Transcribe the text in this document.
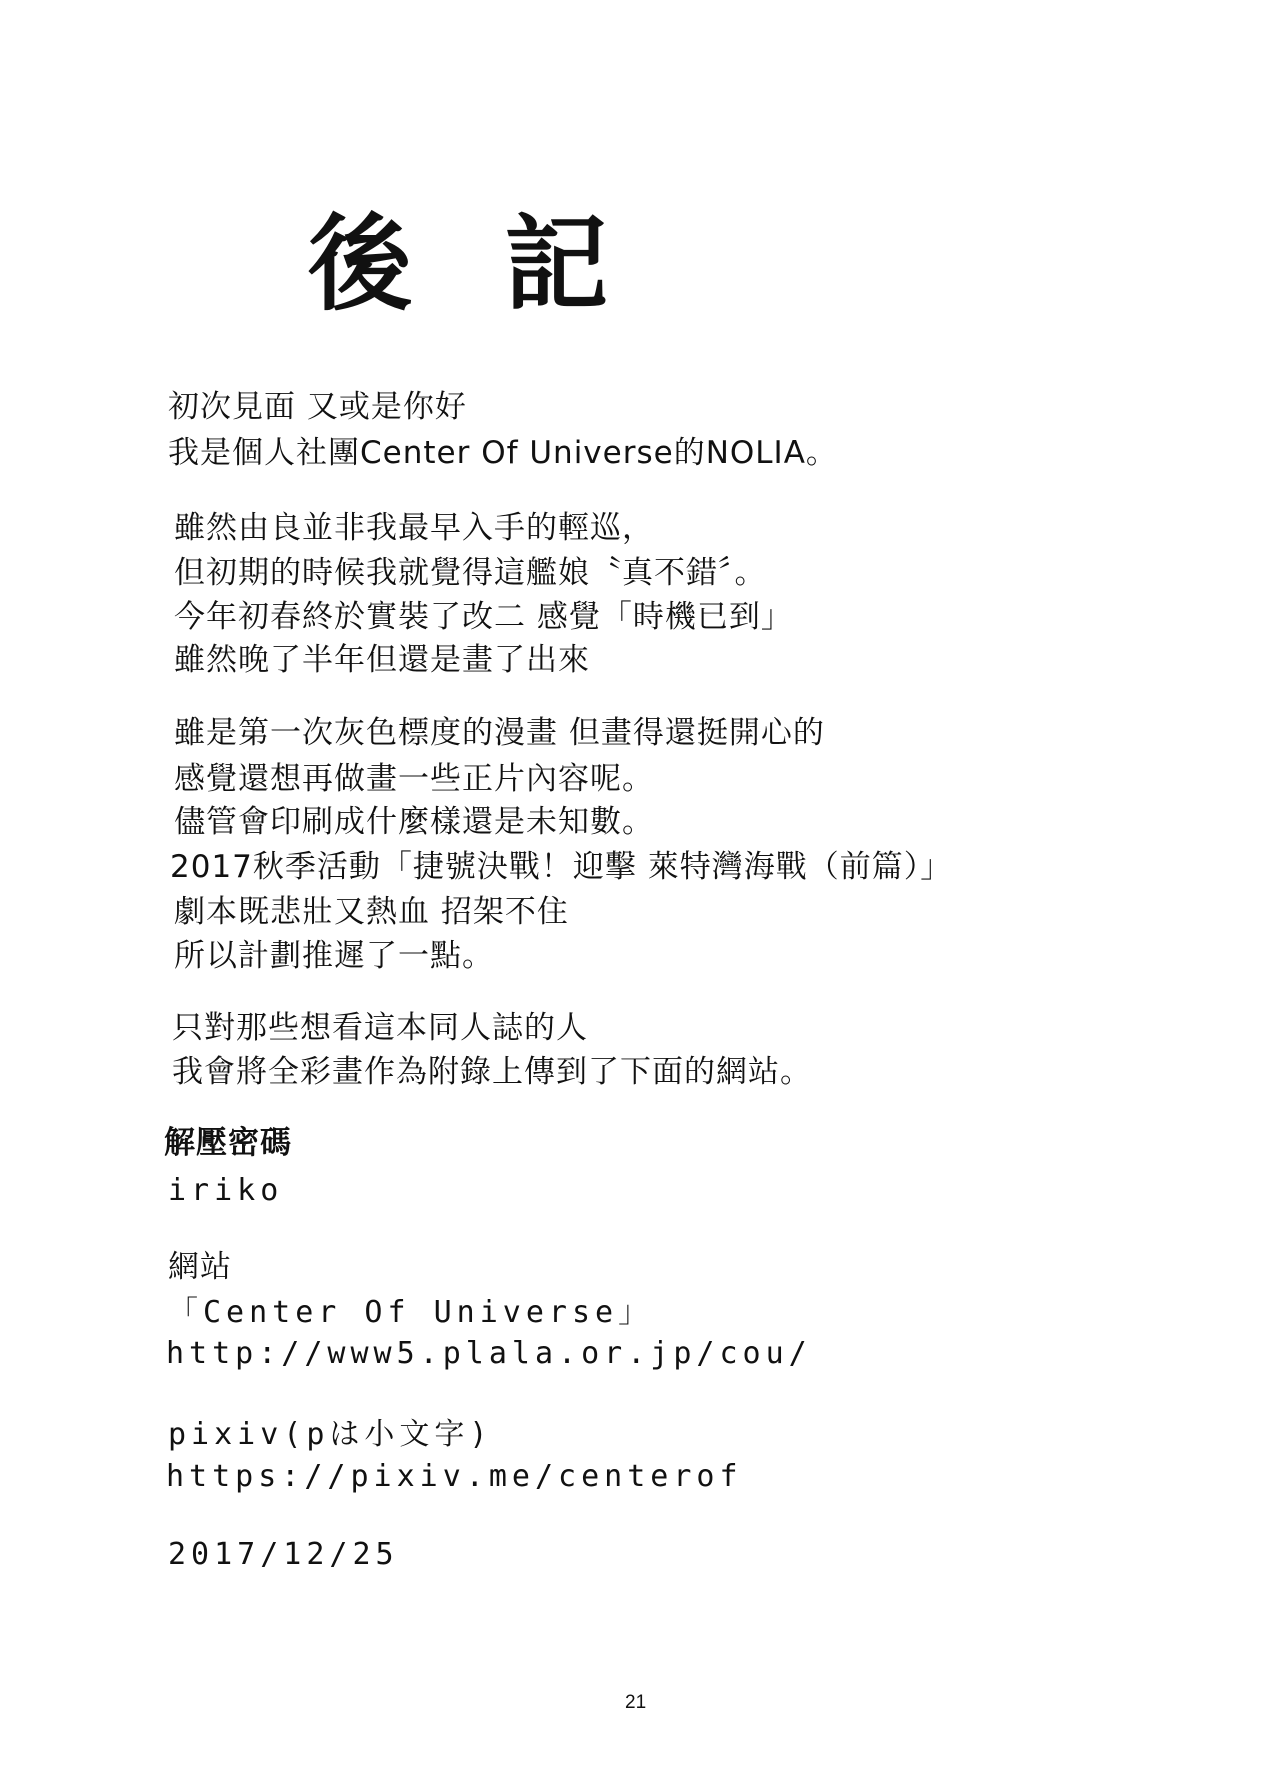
後 記
初次見面 又或是你好
我是個人社團Center Of Universe的NOLIA。
雖然由良並非我最早入手的輕巡，
但初期的時候我就覺得這艦娘〝真不錯〞。
今年初春終於實裝了改二 感覺「時機已到」
雖然晚了半年但還是畫了出來
雖是第一次灰色標度的漫畫 但畫得還挺開心的
感覺還想再做畫一些正片內容呢。
儘管會印刷成什麼樣還是未知數。
2017秋季活動「捷號決戰！迎擊 萊特灣海戰（前篇）」
劇本既悲壯又熱血 招架不住
所以計劃推遲了一點。
只對那些想看這本同人誌的人
我會將全彩畫作為附錄上傳到了下面的網站。
解壓密碼
iriko
網站
「Center Of Universe」
http://www5.plala.or.jp/cou/
pixiv(pは小文字)
https://pixiv.me/centerof
2017/12/25
21
